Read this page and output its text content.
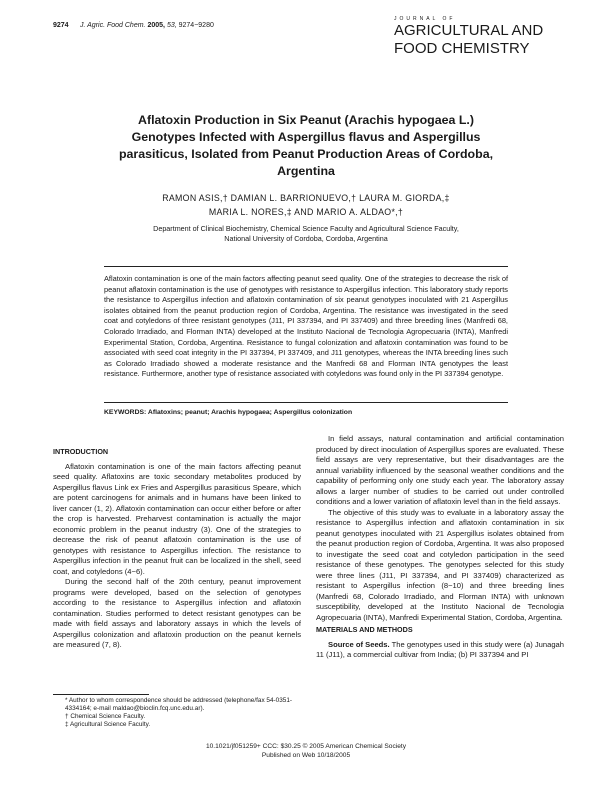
9274 J. Agric. Food Chem. 2005, 53, 9274−9280
JOURNAL OF
AGRICULTURAL AND
FOOD CHEMISTRY
Aflatoxin Production in Six Peanut (Arachis hypogaea L.)
Genotypes Infected with Aspergillus flavus and Aspergillus
parasiticus, Isolated from Peanut Production Areas of Cordoba,
Argentina
RAMON ASIS,† DAMIAN L. BARRIONUEVO,† LAURA M. GIORDA,‡
MARIA L. NORES,‡ AND MARIO A. ALDAO*,†
Department of Clinical Biochemistry, Chemical Science Faculty and Agricultural Science Faculty,
National University of Cordoba, Cordoba, Argentina
Aflatoxin contamination is one of the main factors affecting peanut seed quality. One of the strategies to decrease the risk of peanut aflatoxin contamination is the use of genotypes with resistance to Aspergillus infection. This laboratory study reports the resistance to Aspergillus infection and aflatoxin contamination of six peanut genotypes inoculated with 21 Aspergillus isolates obtained from the peanut production region of Cordoba, Argentina. The resistance was investigated in the seed coat and cotyledons of three resistant genotypes (J11, PI 337394, and PI 337409) and three breeding lines (Manfredi 68, Colorado Irradiado, and Florman INTA) developed at the Instituto Nacional de Tecnologia Agropecuaria (INTA), Manfredi Experimental Station, Cordoba, Argentina. Resistance to fungal colonization and aflatoxin contamination was found to be associated with seed coat integrity in the PI 337394, PI 337409, and J11 genotypes, whereas the INTA breeding lines such as Colorado Irradiado showed a moderate resistance and the Manfredi 68 and Florman INTA genotypes the least resistance. Furthermore, another type of resistance associated with cotyledons was found only in the PI 337394 genotype.
KEYWORDS: Aflatoxins; peanut; Arachis hypogaea; Aspergillus colonization

INTRODUCTION

Aflatoxin contamination is one of the main factors affecting peanut seed quality. Aflatoxins are toxic secondary metabolites produced by Aspergillus flavus Link ex Fries and Aspergillus parasiticus Speare, which are potent carcinogens for animals and in humans have been linked to liver cancer (1, 2). Aflatoxin contamination can occur either before or after the crop is harvested. Preharvest contamination is actually the major economic problem in the peanut industry (3). One of the strategies to decrease the risk of peanut aflatoxin contamination is the use of genotypes with resistance to Aspergillus infection. The resistance to Aspergillus infection in the peanut fruit can be localized in the shell, seed coat, and cotyledons (4−6).

During the second half of the 20th century, peanut improvement programs were developed, based on the selection of genotypes according to the resistance to Aspergillus infection and aflatoxin contamination. Studies performed to detect resistant genotypes can be made with field assays and laboratory assays in which the levels of Aspergillus colonization and aflatoxin production on the peanut kernels are measured (7, 8).

In field assays, natural contamination and artificial contamination produced by direct inoculation of Aspergillus spores are evaluated. These field assays are very representative, but their disadvantages are the annual variability influenced by the seasonal weather conditions and the capability of performing only one study each year. The laboratory assay allows a larger number of studies to be carried out under controlled conditions and a lower variation of aflatoxin level than in the field assays.

The objective of this study was to evaluate in a laboratory assay the resistance to Aspergillus infection and aflatoxin contamination in six peanut genotypes inoculated with 21 Aspergillus isolates obtained from the peanut production region of Cordoba, Argentina. It was also proposed to investigate the seed coat and cotyledon participation in the seed resistance of these genotypes. The genotypes selected for this study were three lines (J11, PI 337394, and PI 337409) characterized as resistant to Aspergillus infection (8−10) and three breeding lines (Manfredi 68, Colorado Irradiado, and Florman INTA) with unknown susceptibility, developed at the Instituto Nacional de Tecnologia Agropecuaria (INTA), Manfredi Experimental Station, Cordoba, Argentina.

MATERIALS AND METHODS

Source of Seeds. The genotypes used in this study were (a) Junagah 11 (J11), a commercial cultivar from India; (b) PI 337394 and PI

* Author to whom correspondence should be addressed (telephone/fax 54-0351-4334164; e-mail maldao@bioclin.fcq.unc.edu.ar).
† Chemical Science Faculty.
‡ Agricultural Science Faculty.
10.1021/jf051259+ CCC: $30.25 © 2005 American Chemical Society
Published on Web 10/18/2005
